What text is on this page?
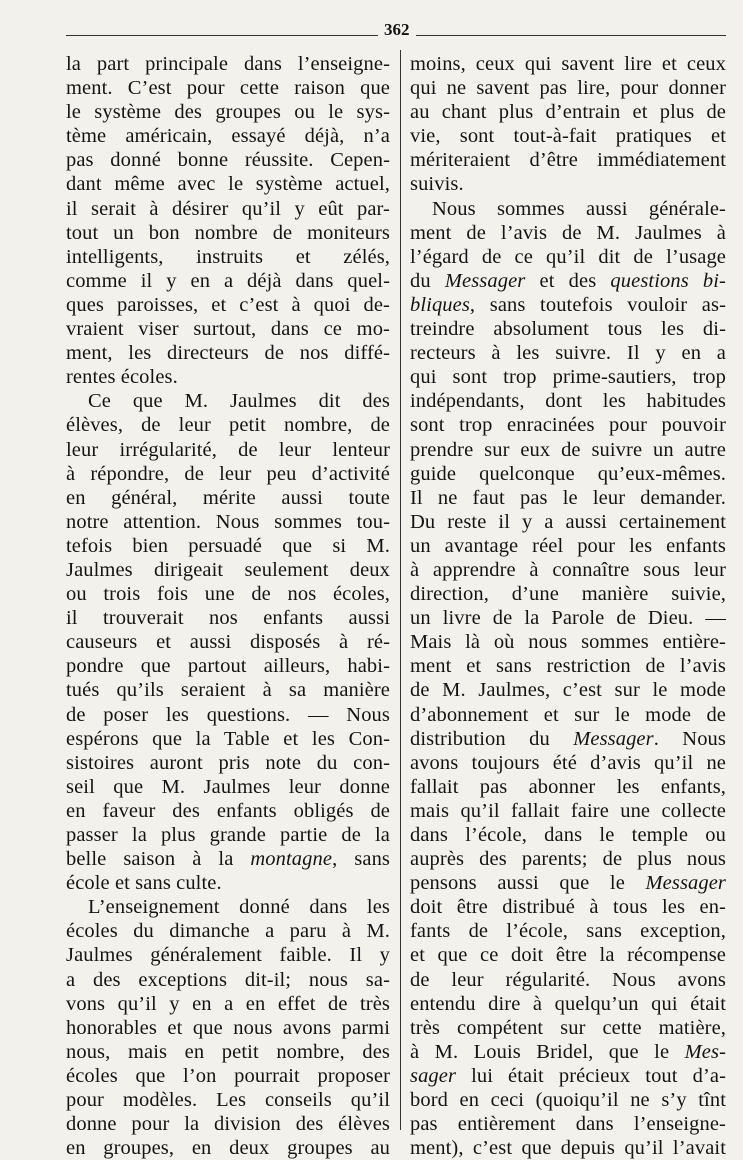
362
la part principale dans l’enseigne-
ment. C’est pour cette raison que
le système des groupes ou le sys-
tème américain, essayé déjà, n’a
pas donné bonne réussite. Cepen-
dant même avec le système actuel,
il serait à désirer qu’il y eût par-
tout un bon nombre de moniteurs
intelligents, instruits et zélés,
comme il y en a déjà dans quel-
ques paroisses, et c’est à quoi de-
vraient viser surtout, dans ce mo-
ment, les directeurs de nos diffé-
rentes écoles.
Ce que M. Jaulmes dit des
élèves, de leur petit nombre, de
leur irrégularité, de leur lenteur
à répondre, de leur peu d’activité
en général, mérite aussi toute
notre attention. Nous sommes tou-
tefois bien persuadé que si M.
Jaulmes dirigeait seulement deux
ou trois fois une de nos écoles,
il trouverait nos enfants aussi
causeurs et aussi disposés à ré-
pondre que partout ailleurs, habi-
tués qu’ils seraient à sa manière
de poser les questions. — Nous
espérons que la Table et les Con-
sistoires auront pris note du con-
seil que M. Jaulmes leur donne
en faveur des enfants obligés de
passer la plus grande partie de la
belle saison à la montagne, sans
école et sans culte.
L’enseignement donné dans les
écoles du dimanche a paru à M.
Jaulmes généralement faible. Il y
a des exceptions dit-il; nous sa-
vons qu’il y en a en effet de très
honorables et que nous avons parmi
nous, mais en petit nombre, des
écoles que l’on pourrait proposer
pour modèles. Les conseils qu’il
donne pour la division des élèves
en groupes, en deux groupes au
moins, ceux qui savent lire et ceux
qui ne savent pas lire, pour donner
au chant plus d’entrain et plus de
vie, sont tout-à-fait pratiques et
mériteraient d’être immédiatement
suivis.
Nous sommes aussi générale-
ment de l’avis de M. Jaulmes à
l’égard de ce qu’il dit de l’usage
du Messager et des questions bi-
bliques, sans toutefois vouloir as-
treindre absolument tous les di-
recteurs à les suivre. Il y en a
qui sont trop prime-sautiers, trop
indépendants, dont les habitudes
sont trop enracinées pour pouvoir
prendre sur eux de suivre un autre
guide quelconque qu’eux-mêmes.
Il ne faut pas le leur demander.
Du reste il y a aussi certainement
un avantage réel pour les enfants
à apprendre à connaître sous leur
direction, d’une manière suivie,
un livre de la Parole de Dieu. —
Mais là où nous sommes entière-
ment et sans restriction de l’avis
de M. Jaulmes, c’est sur le mode
d’abonnement et sur le mode de
distribution du Messager. Nous
avons toujours été d’avis qu’il ne
fallait pas abonner les enfants,
mais qu’il fallait faire une collecte
dans l’école, dans le temple ou
auprès des parents; de plus nous
pensons aussi que le Messager
doit être distribué à tous les en-
fants de l’école, sans exception,
et que ce doit être la récompense
de leur régularité. Nous avons
entendu dire à quelqu’un qui était
très compétent sur cette matière,
à M. Louis Bridel, que le Mes-
sager lui était précieux tout d’a-
bord en ceci (quoiqu’il ne s’y tînt
pas entièrement dans l’enseigne-
ment), c’est que depuis qu’il l’avait
